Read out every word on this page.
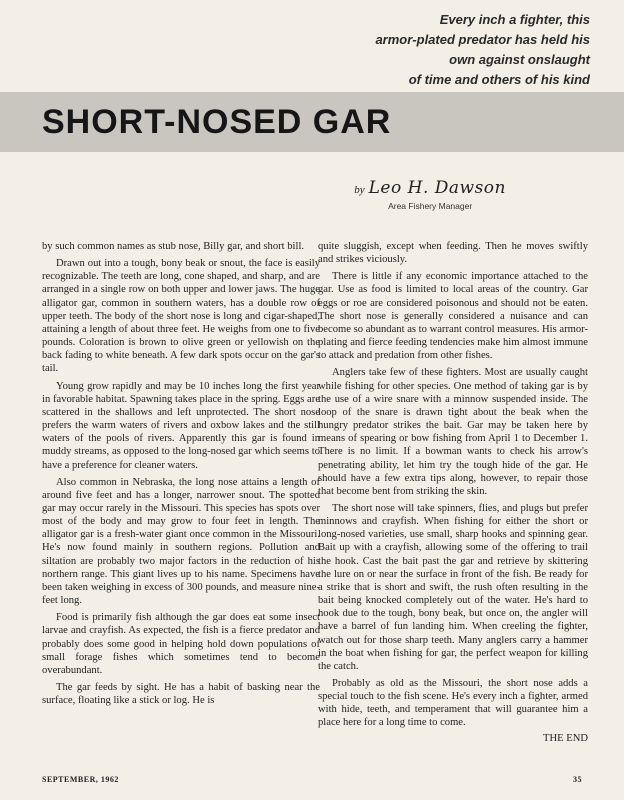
Every inch a fighter, this
armor-plated predator has held his
own against onslaught
of time and others of his kind
SHORT-NOSED GAR
by Leo H. Dawson
Area Fishery Manager

by such common names as stub nose, Billy gar, and short bill.

Drawn out into a tough, bony beak or snout, the face is easily recognizable. The teeth are long, cone shaped, and sharp, and are arranged in a single row on both upper and lower jaws. The huge alligator gar, common in southern waters, has a double row of upper teeth. The body of the short nose is long and cigar-shaped, attaining a length of about three feet. He weighs from one to five pounds. Coloration is brown to olive green or yellowish on the back fading to white beneath. A few dark spots occur on the gar's tail.

Young grow rapidly and may be 10 inches long the first year in favorable habitat. Spawning takes place in the spring. Eggs are scattered in the shallows and left unprotected. The short nose prefers the warm waters of rivers and oxbow lakes and the still waters of the pools of rivers. Apparently this gar is found in muddy streams, as opposed to the long-nosed gar which seems to have a preference for cleaner waters.

Also common in Nebraska, the long nose attains a length of around five feet and has a longer, narrower snout. The spotted gar may occur rarely in the Missouri. This species has spots over most of the body and may grow to four feet in length. The alligator gar is a fresh-water giant once common in the Missouri. He's now found mainly in southern regions. Pollution and siltation are probably two major factors in the reduction of his northern range. This giant lives up to his name. Specimens have been taken weighing in excess of 300 pounds, and measure nine-feet long.

Food is primarily fish although the gar does eat some insect larvae and crayfish. As expected, the fish is a fierce predator and probably does some good in helping hold down populations of small forage fishes which sometimes tend to become overabundant.

The gar feeds by sight. He has a habit of basking near the surface, floating like a stick or log. He is

quite sluggish, except when feeding. Then he moves swiftly and strikes viciously.

There is little if any economic importance attached to the gar. Use as food is limited to local areas of the country. Gar eggs or roe are considered poisonous and should not be eaten. The short nose is generally considered a nuisance and can become so abundant as to warrant control measures. His armor-plating and fierce feeding tendencies make him almost immune to attack and predation from other fishes.

Anglers take few of these fighters. Most are usually caught while fishing for other species. One method of taking gar is by the use of a wire snare with a minnow suspended inside. The loop of the snare is drawn tight about the beak when the hungry predator strikes the bait. Gar may be taken here by means of spearing or bow fishing from April 1 to December 1. There is no limit. If a bowman wants to check his arrow's penetrating ability, let him try the tough hide of the gar. He should have a few extra tips along, however, to repair those that become bent from striking the skin.

The short nose will take spinners, flies, and plugs but prefer minnows and crayfish. When fishing for either the short or long-nosed varieties, use small, sharp hooks and spinning gear. Bait up with a crayfish, allowing some of the offering to trail the hook. Cast the bait past the gar and retrieve by skittering the lure on or near the surface in front of the fish. Be ready for a strike that is short and swift, the rush often resulting in the bait being knocked completely out of the water. He's hard to hook due to the tough, bony beak, but once on, the angler will have a barrel of fun landing him. When creeling the fighter, watch out for those sharp teeth. Many anglers carry a hammer in the boat when fishing for gar, the perfect weapon for killing the catch.

Probably as old as the Missouri, the short nose adds a special touch to the fish scene. He's every inch a fighter, armed with hide, teeth, and temperament that will guarantee him a place here for a long time to come.

THE END
SEPTEMBER, 1962	35
